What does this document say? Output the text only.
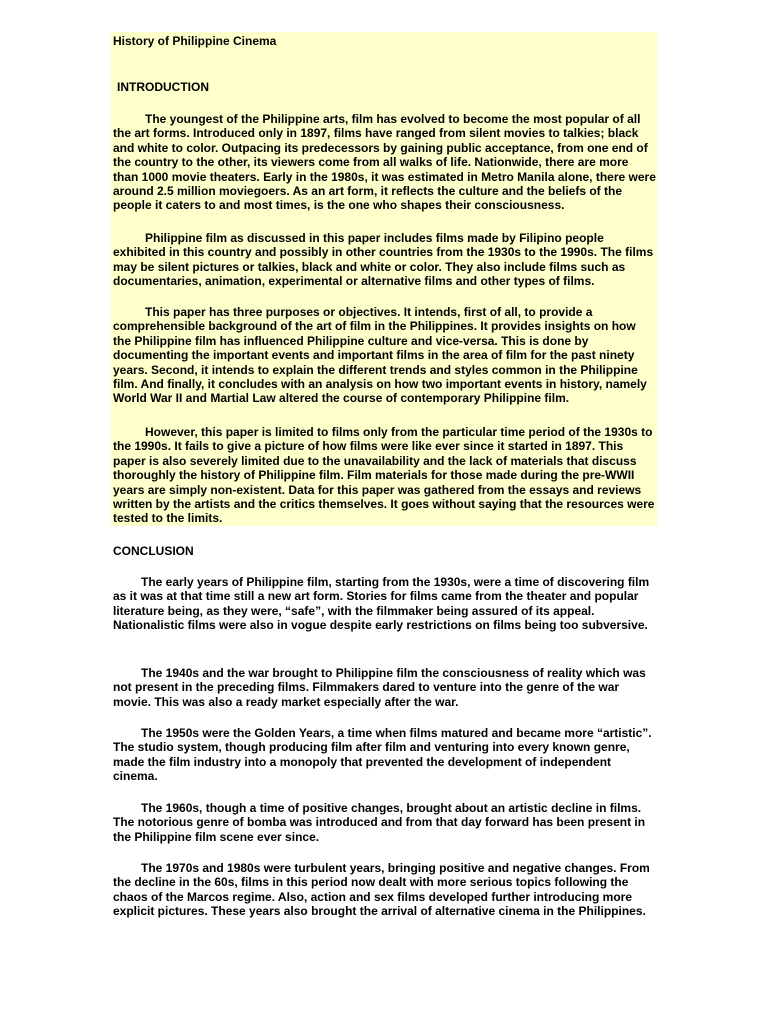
History of Philippine Cinema
INTRODUCTION

The youngest of the Philippine arts, film has evolved to become the most popular of all the art forms. Introduced only in 1897, films have ranged from silent movies to talkies; black and white to color. Outpacing its predecessors by gaining public acceptance, from one end of the country to the other, its viewers come from all walks of life. Nationwide, there are more than 1000 movie theaters. Early in the 1980s, it was estimated in Metro Manila alone, there were around 2.5 million moviegoers. As an art form, it reflects the culture and the beliefs of the people it caters to and most times, is the one who shapes their consciousness.

Philippine film as discussed in this paper includes films made by Filipino people exhibited in this country and possibly in other countries from the 1930s to the 1990s. The films may be silent pictures or talkies, black and white or color. They also include films such as documentaries, animation, experimental or alternative films and other types of films.

This paper has three purposes or objectives. It intends, first of all, to provide a comprehensible background of the art of film in the Philippines. It provides insights on how the Philippine film has influenced Philippine culture and vice-versa. This is done by documenting the important events and important films in the area of film for the past ninety years. Second, it intends to explain the different trends and styles common in the Philippine film. And finally, it concludes with an analysis on how two important events in history, namely World War II and Martial Law altered the course of contemporary Philippine film.

However, this paper is limited to films only from the particular time period of the 1930s to the 1990s. It fails to give a picture of how films were like ever since it started in 1897. This paper is also severely limited due to the unavailability and the lack of materials that discuss thoroughly the history of Philippine film. Film materials for those made during the pre-WWII years are simply non-existent. Data for this paper was gathered from the essays and reviews written by the artists and the critics themselves. It goes without saying that the resources were tested to the limits.

CONCLUSION

The early years of Philippine film, starting from the 1930s, were a time of discovering film as it was at that time still a new art form. Stories for films came from the theater and popular literature being, as they were, “safe”, with the filmmaker being assured of its appeal. Nationalistic films were also in vogue despite early restrictions on films being too subversive.

The 1940s and the war brought to Philippine film the consciousness of reality which was not present in the preceding films. Filmmakers dared to venture into the genre of the war movie. This was also a ready market especially after the war.

The 1950s were the Golden Years, a time when films matured and became more “artistic”. The studio system, though producing film after film and venturing into every known genre, made the film industry into a monopoly that prevented the development of independent cinema.

The 1960s, though a time of positive changes, brought about an artistic decline in films. The notorious genre of bomba was introduced and from that day forward has been present in the Philippine film scene ever since.

The 1970s and 1980s were turbulent years, bringing positive and negative changes. From the decline in the 60s, films in this period now dealt with more serious topics following the chaos of the Marcos regime. Also, action and sex films developed further introducing more explicit pictures. These years also brought the arrival of alternative cinema in the Philippines.
